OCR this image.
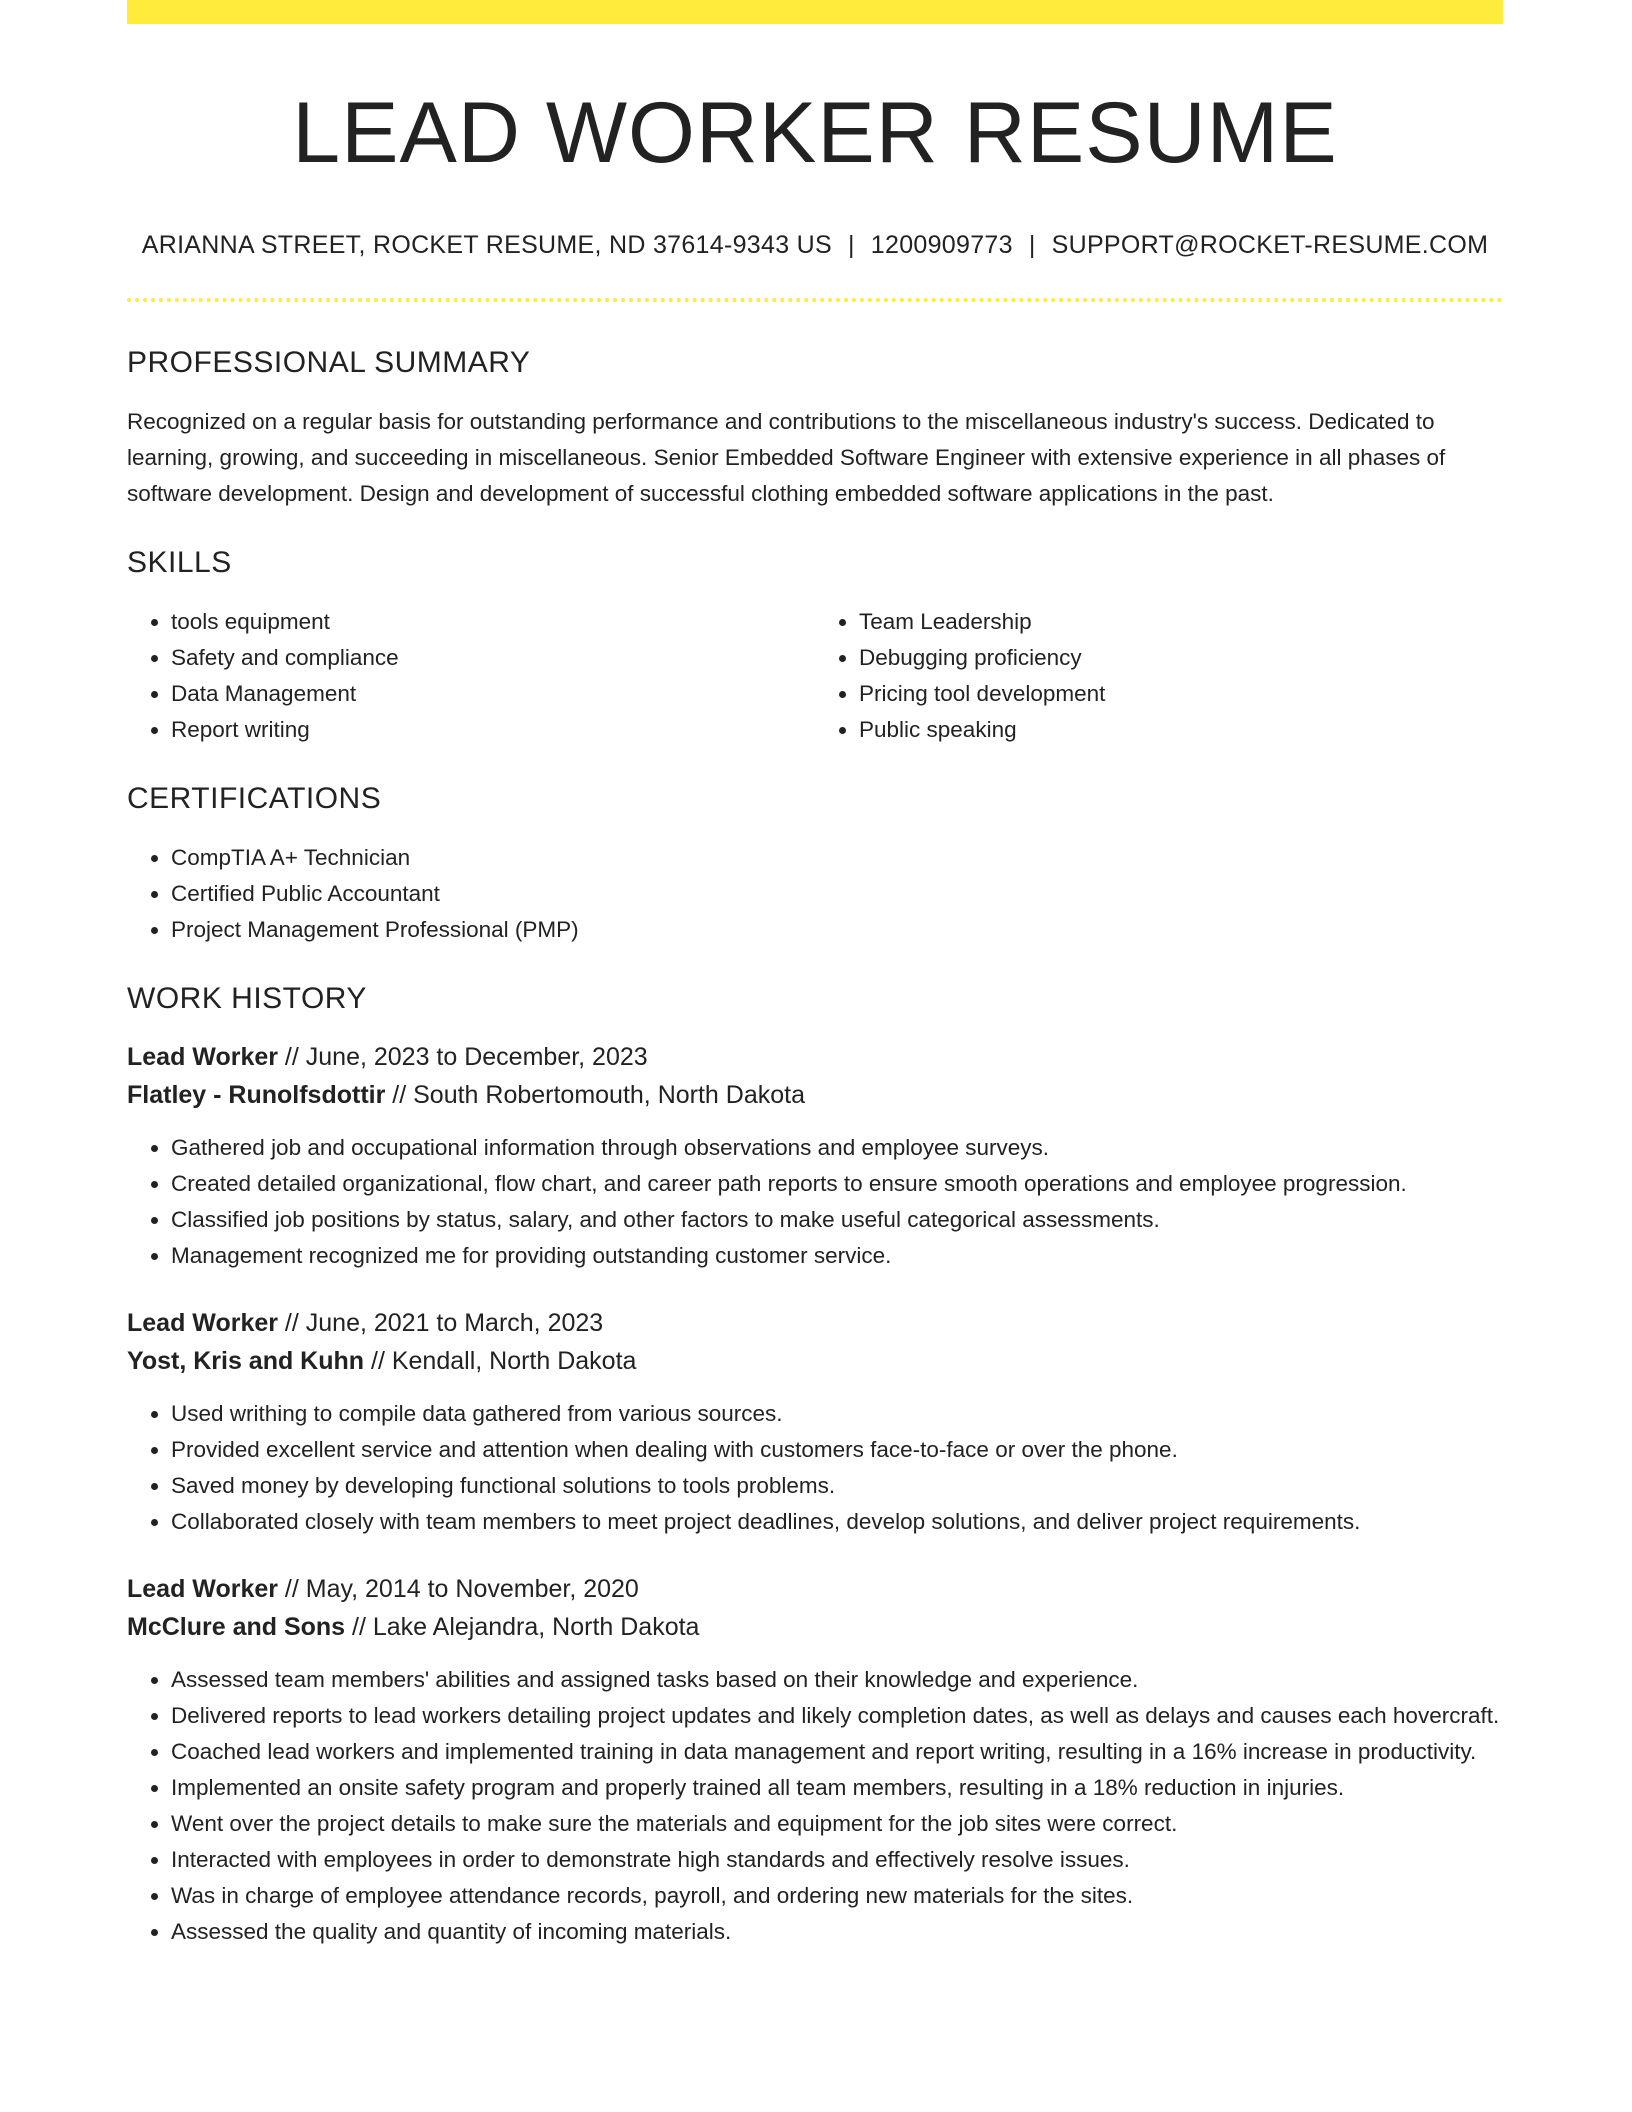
LEAD WORKER RESUME
ARIANNA STREET, ROCKET RESUME, ND 37614-9343 US | 1200909773 | SUPPORT@ROCKET-RESUME.COM
PROFESSIONAL SUMMARY

Recognized on a regular basis for outstanding performance and contributions to the miscellaneous industry's success. Dedicated to learning, growing, and succeeding in miscellaneous. Senior Embedded Software Engineer with extensive experience in all phases of software development. Design and development of successful clothing embedded software applications in the past.

SKILLS
• tools equipment
• Safety and compliance
• Data Management
• Report writing
• Team Leadership
• Debugging proficiency
• Pricing tool development
• Public speaking
CERTIFICATIONS
• CompTIA A+ Technician
• Certified Public Accountant
• Project Management Professional (PMP)
WORK HISTORY
Lead Worker // June, 2023 to December, 2023
Flatley - Runolfsdottir // South Robertomouth, North Dakota
• Gathered job and occupational information through observations and employee surveys.
• Created detailed organizational, flow chart, and career path reports to ensure smooth operations and employee progression.
• Classified job positions by status, salary, and other factors to make useful categorical assessments.
• Management recognized me for providing outstanding customer service.
Lead Worker // June, 2021 to March, 2023
Yost, Kris and Kuhn // Kendall, North Dakota
• Used writhing to compile data gathered from various sources.
• Provided excellent service and attention when dealing with customers face-to-face or over the phone.
• Saved money by developing functional solutions to tools problems.
• Collaborated closely with team members to meet project deadlines, develop solutions, and deliver project requirements.
Lead Worker // May, 2014 to November, 2020
McClure and Sons // Lake Alejandra, North Dakota
• Assessed team members' abilities and assigned tasks based on their knowledge and experience.
• Delivered reports to lead workers detailing project updates and likely completion dates, as well as delays and causes each hovercraft.
• Coached lead workers and implemented training in data management and report writing, resulting in a 16% increase in productivity.
• Implemented an onsite safety program and properly trained all team members, resulting in a 18% reduction in injuries.
• Went over the project details to make sure the materials and equipment for the job sites were correct.
• Interacted with employees in order to demonstrate high standards and effectively resolve issues.
• Was in charge of employee attendance records, payroll, and ordering new materials for the sites.
• Assessed the quality and quantity of incoming materials.
